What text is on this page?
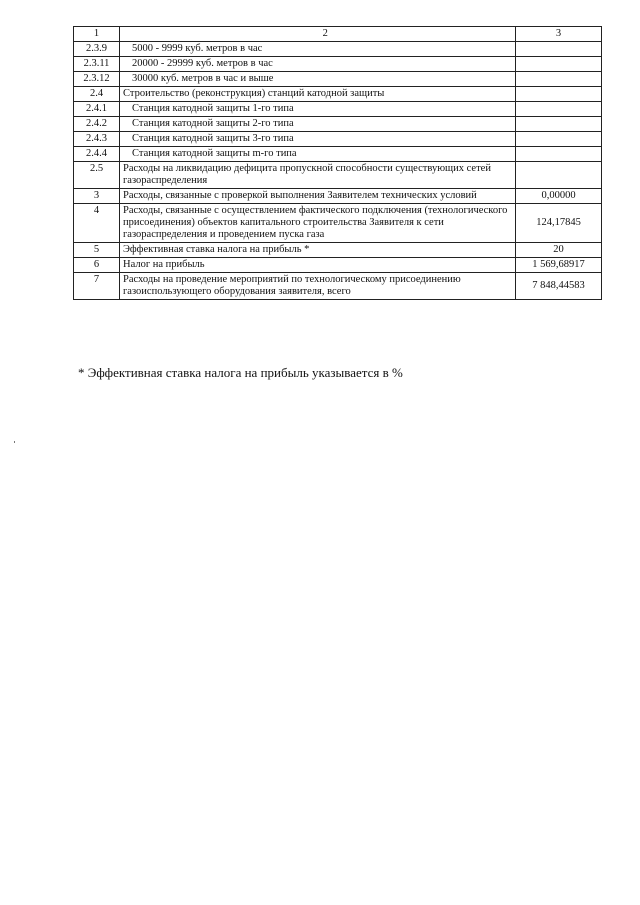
1		2	3
2.3.9	5000 - 9999 куб. метров в час		
2.3.11	20000 - 29999 куб. метров в час		
2.3.12	30000 куб. метров в час и выше		
2.4	Строительство (реконструкция) станций катодной защиты		
2.4.1	Станция катодной защиты 1-го типа		
2.4.2	Станция катодной защиты 2-го типа		
2.4.3	Станция катодной защиты 3-го типа		
2.4.4	Станция катодной защиты m-го типа		
2.5	Расходы на ликвидацию дефицита пропускной способности существующих сетей газораспределения		
3	Расходы, связанные с проверкой выполнения Заявителем технических условий		0,00000
4	Расходы, связанные с осуществлением фактического подключения (технологического присоединения) объектов капитального строительства Заявителя к сети газораспределения и проведением пуска газа		124,17845
5	Эффективная ставка налога на прибыль *		20
6	Налог на прибыль		1 569,68917
7	Расходы на проведение мероприятий по технологическому присоединению газоиспользующего оборудования заявителя, всего		7 848,44583
* Эффективная ставка налога на прибыль указывается в %
